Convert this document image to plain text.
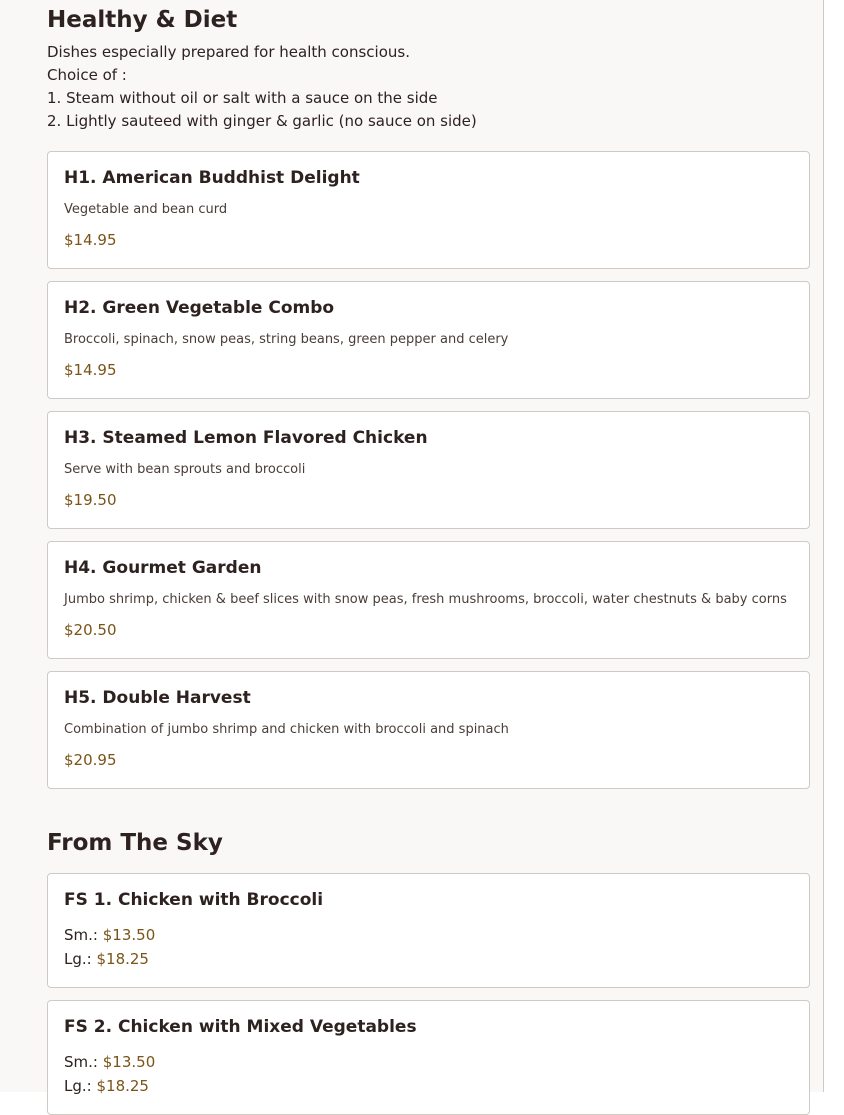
Healthy & Diet
Dishes especially prepared for health conscious.
Choice of :
1. Steam without oil or salt with a sauce on the side
2. Lightly sauteed with ginger & garlic (no sauce on side)
H1. American Buddhist Delight
Vegetable and bean curd
$14.95
H2. Green Vegetable Combo
Broccoli, spinach, snow peas, string beans, green pepper and celery
$14.95
H3. Steamed Lemon Flavored Chicken
Serve with bean sprouts and broccoli
$19.50
H4. Gourmet Garden
Jumbo shrimp, chicken & beef slices with snow peas, fresh mushrooms, broccoli, water chestnuts & baby corns
$20.50
H5. Double Harvest
Combination of jumbo shrimp and chicken with broccoli and spinach
$20.95
From The Sky
FS 1. Chicken with Broccoli
Sm.: $13.50
Lg.: $18.25
FS 2. Chicken with Mixed Vegetables
Sm.: $13.50
Lg.: $18.25
